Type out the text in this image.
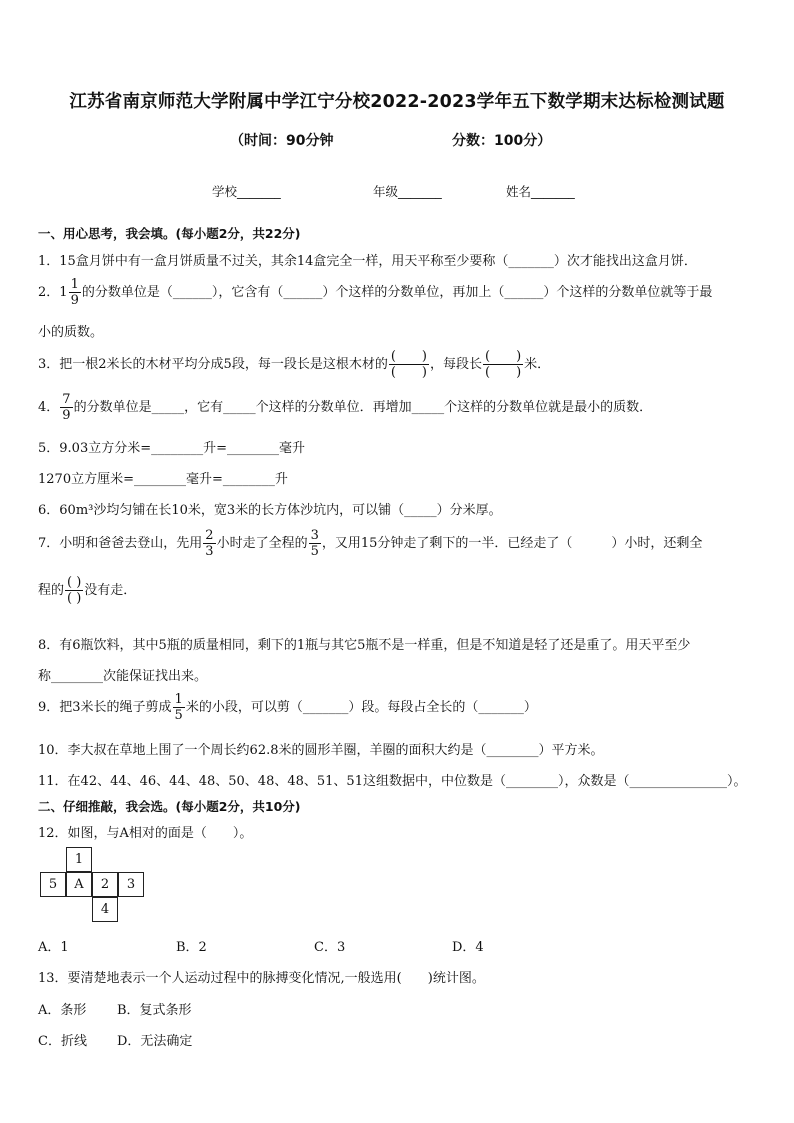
江苏省南京师范大学附属中学江宁分校2022-2023学年五下数学期末达标检测试题
（时间：90分钟	分数：100分）
学校_______	年级_______	姓名_______
一、用心思考，我会填。(每小题2分，共22分)
1．15盒月饼中有一盒月饼质量不过关，其余14盒完全一样，用天平称至少要称（_______）次才能找出这盒月饼．
2．$1 \frac{1}{9}$ 的分数单位是（______），它含有（______）个这样的分数单位，再加上（______）个这样的分数单位就等于最
小的质数。
3．把一根2米长的木材平均分成5段，每一段长是这根木材的 $\frac{( )}{( )}$ ，每段长 $\frac{( )}{( )}$ 米．
4． $\frac{7}{9}$ 的分数单位是_____，它有_____个这样的分数单位．再增加_____个这样的分数单位就是最小的质数．
5．9.03立方分米=________升=________毫升
1270立方厘米=________毫升=________升
6．60m³沙均匀铺在长10米，宽3米的长方体沙坑内，可以铺（_____）分米厚。
7．小明和爸爸去登山，先用 $\frac{2}{3}$ 小时走了全程的 $\frac{3}{5}$ ，又用15分钟走了剩下的一半．已经走了（　　　）小时，还剩全
程的 $\frac{( )}{( )}$ 没有走．
8．有6瓶饮料，其中5瓶的质量相同，剩下的1瓶与其它5瓶不是一样重，但是不知道是轻了还是重了。用天平至少
称________次能保证找出来。
9．把3米长的绳子剪成 $\frac{1}{5}$ 米的小段，可以剪（_______）段。每段占全长的（_______）
10．李大叔在草地上围了一个周长约62.8米的圆形羊圈，羊圈的面积大约是（________）平方米。
11．在42、44、46、44、48、50、48、48、51、51这组数据中，中位数是（________），众数是（_______________）。
二、仔细推敲，我会选。(每小题2分，共10分)
12．如图，与A相对的面是（　　）。
1
5	A	2	3
4
A．1	B．2	C．3	D．4
13．要清楚地表示一个人运动过程中的脉搏变化情况,一般选用(　　)统计图。
A．条形 B．复式条形
C．折线 D．无法确定
